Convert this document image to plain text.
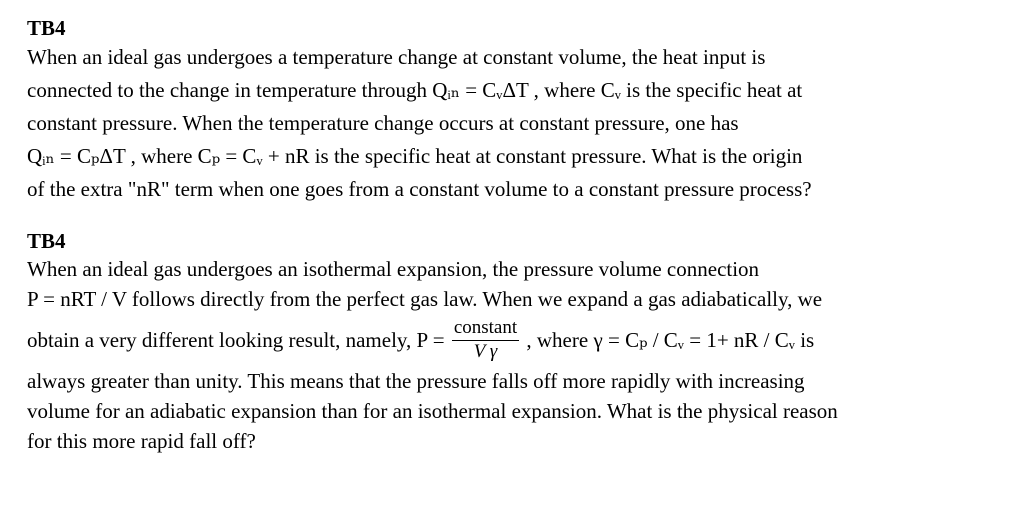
TB4
When an ideal gas undergoes a temperature change at constant volume, the heat input is
connected to the change in temperature through Qᵢₙ = CᵥΔT , where Cᵥ is the specific heat at
constant pressure. When the temperature change occurs at constant pressure, one has
Qᵢₙ = CₚΔT , where Cₚ = Cᵥ + nR is the specific heat at constant pressure. What is the origin
of the extra "nR" term when one goes from a constant volume to a constant pressure process?
TB4
When an ideal gas undergoes an isothermal expansion, the pressure volume connection
P = nRT / V follows directly from the perfect gas law. When we expand a gas adiabatically, we
obtain a very different looking result, namely, $P = \frac{\text{constant}}{\text{V γ}}$ , where γ = Cₚ / Cᵥ = 1+ nR / Cᵥ is
always greater than unity. This means that the pressure falls off more rapidly with increasing
volume for an adiabatic expansion than for an isothermal expansion. What is the physical reason
for this more rapid fall off?
